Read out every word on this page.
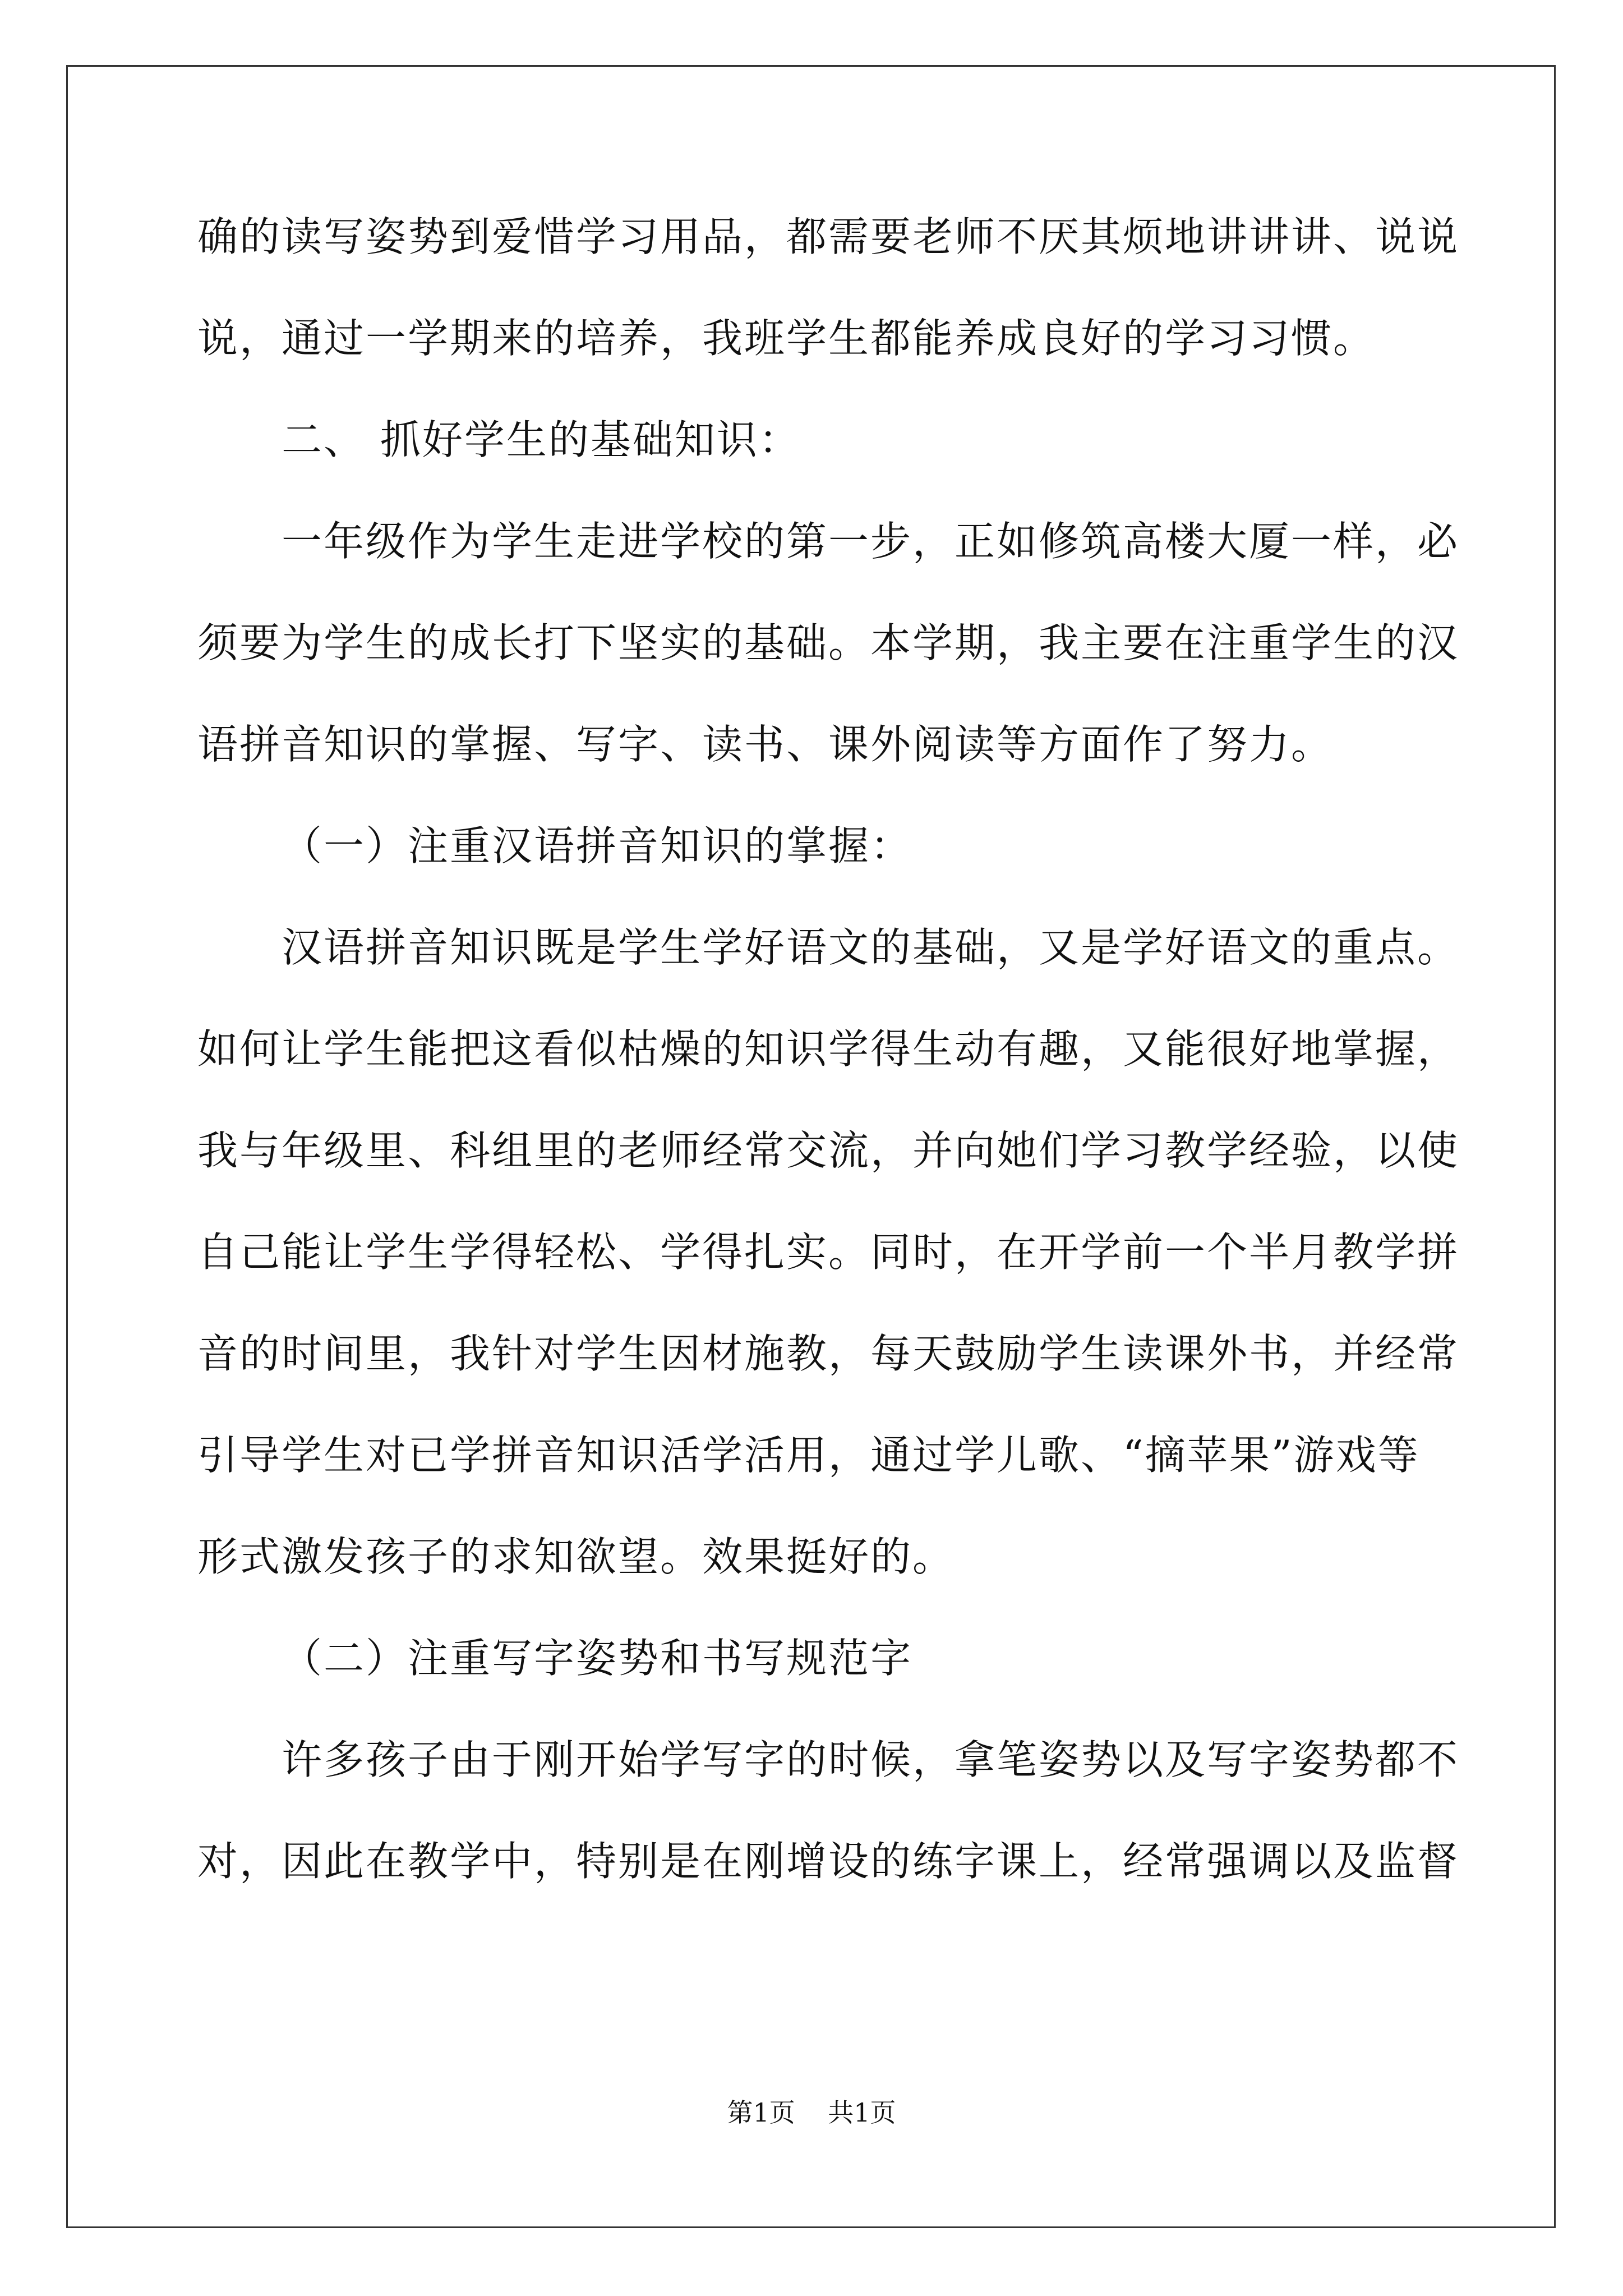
确的读写姿势到爱惜学习用品，都需要老师不厌其烦地讲讲讲、说说
说，通过一学期来的培养，我班学生都能养成良好的学习习惯。
二、 抓好学生的基础知识：
一年级作为学生走进学校的第一步，正如修筑高楼大厦一样，必
须要为学生的成长打下坚实的基础。本学期，我主要在注重学生的汉
语拼音知识的掌握、写字、读书、课外阅读等方面作了努力。
（一）注重汉语拼音知识的掌握：
汉语拼音知识既是学生学好语文的基础，又是学好语文的重点。
如何让学生能把这看似枯燥的知识学得生动有趣，又能很好地掌握，
我与年级里、科组里的老师经常交流，并向她们学习教学经验，以使
自己能让学生学得轻松、学得扎实。同时，在开学前一个半月教学拼
音的时间里，我针对学生因材施教，每天鼓励学生读课外书，并经常
引导学生对已学拼音知识活学活用，通过学儿歌、“摘苹果”游戏等
形式激发孩子的求知欲望。效果挺好的。
（二）注重写字姿势和书写规范字
许多孩子由于刚开始学写字的时候，拿笔姿势以及写字姿势都不
对，因此在教学中，特别是在刚增设的练字课上，经常强调以及监督
第1页    共1页
